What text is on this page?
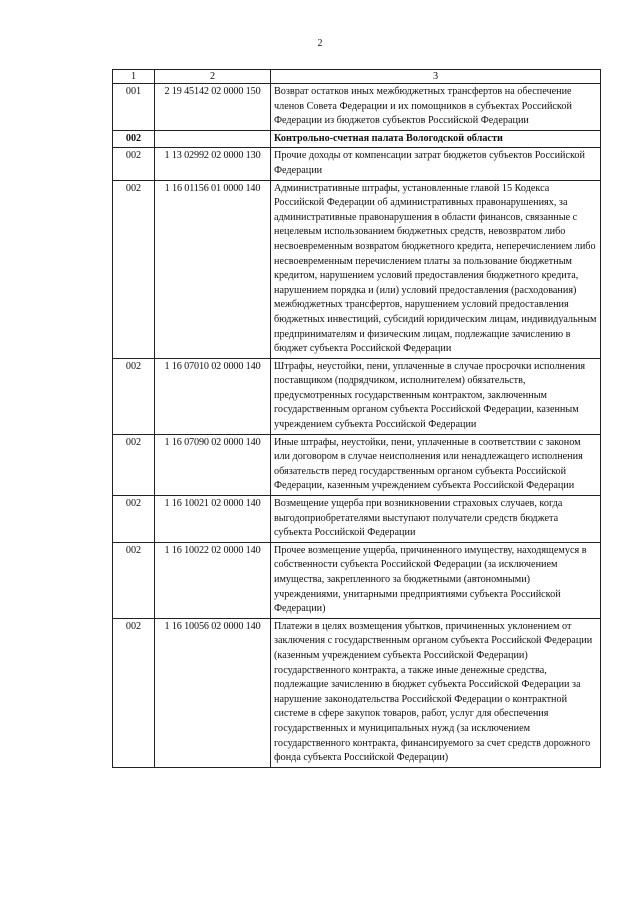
2
1	2	3
001	2 19 45142 02 0000 150	Возврат остатков иных межбюджетных трансфертов на обеспечение членов Совета Федерации и их помощников в субъектах Российской Федерации из бюджетов субъектов Российской Федерации
002		Контрольно-счетная палата Вологодской области
002	1 13 02992 02 0000 130	Прочие доходы от компенсации затрат бюджетов субъектов Российской Федерации
002	1 16 01156 01 0000 140	Административные штрафы, установленные главой 15 Кодекса Российской Федерации об административных правонарушениях, за административные правонарушения в области финансов, связанные с нецелевым использованием бюджетных средств, невозвратом либо несвоевременным возвратом бюджетного кредита, неперечислением либо несвоевременным перечислением платы за пользование бюджетным кредитом, нарушением условий предоставления бюджетного кредита, нарушением порядка и (или) условий предоставления (расходования) межбюджетных трансфертов, нарушением условий предоставления бюджетных инвестиций, субсидий юридическим лицам, индивидуальным предпринимателям и физическим лицам, подлежащие зачислению в бюджет субъекта Российской Федерации
002	1 16 07010 02 0000 140	Штрафы, неустойки, пени, уплаченные в случае просрочки исполнения поставщиком (подрядчиком, исполнителем) обязательств, предусмотренных государственным контрактом, заключенным государственным органом субъекта Российской Федерации, казенным учреждением субъекта Российской Федерации
002	1 16 07090 02 0000 140	Иные штрафы, неустойки, пени, уплаченные в соответствии с законом или договором в случае неисполнения или ненадлежащего исполнения обязательств перед государственным органом субъекта Российской Федерации, казенным учреждением субъекта Российской Федерации
002	1 16 10021 02 0000 140	Возмещение ущерба при возникновении страховых случаев, когда выгодоприобретателями выступают получатели средств бюджета субъекта Российской Федерации
002	1 16 10022 02 0000 140	Прочее возмещение ущерба, причиненного имуществу, находящемуся в собственности субъекта Российской Федерации (за исключением имущества, закрепленного за бюджетными (автономными) учреждениями, унитарными предприятиями субъекта Российской Федерации)
002	1 16 10056 02 0000 140	Платежи в целях возмещения убытков, причиненных уклонением от заключения с государственным органом субъекта Российской Федерации (казенным учреждением субъекта Российской Федерации) государственного контракта, а также иные денежные средства, подлежащие зачислению в бюджет субъекта Российской Федерации за нарушение законодательства Российской Федерации о контрактной системе в сфере закупок товаров, работ, услуг для обеспечения государственных и муниципальных нужд (за исключением государственного контракта, финансируемого за счет средств дорожного фонда субъекта Российской Федерации)
